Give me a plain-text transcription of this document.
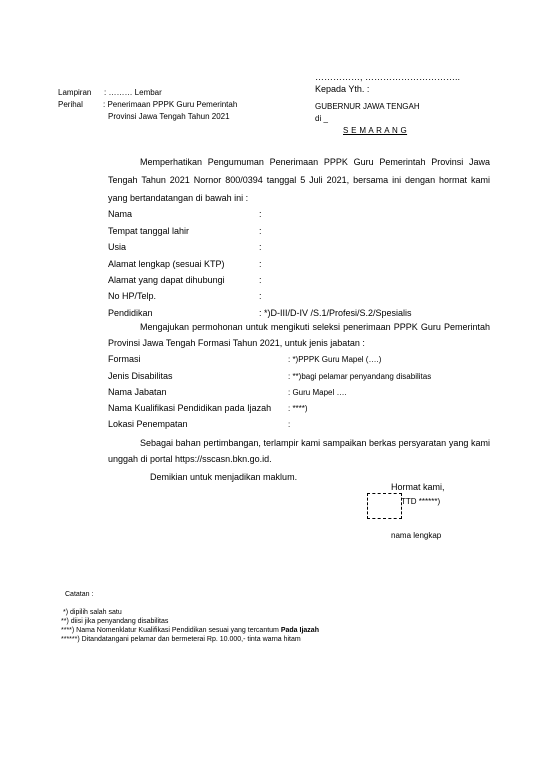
……………, …………………………..
Kepada Yth. :
Lampiran : ……… Lembar
Perihal	: Penerimaan PPPK Guru Pemerintah
Provinsi Jawa Tengah Tahun 2021
GUBERNUR JAWA TENGAH
di _
S E M A R A N G
Memperhatikan Pengumuman Penerimaan PPPK Guru Pemerintah Provinsi Jawa
Tengah Tahun 2021 Nornor 800/0394 tanggal 5 Juli 2021, bersama ini dengan hormat kami
yang bertandatangan di bawah ini :
Nama	:
Tempat tanggal lahir	:
Usia	:
Alamat lengkap (sesuai KTP)	:
Alamat yang dapat dihubungi	:
No HP/Telp.	:
Pendidikan	: *)D-III/D-IV /S.1/Profesi/S.2/Spesialis
Mengajukan permohonan untuk mengikuti seleksi penerimaan PPPK Guru Pemerintah
Provinsi Jawa Tengah Formasi Tahun 2021, untuk jenis jabatan :
Formasi	: *)PPPK Guru Mapel (….)
Jenis Disabilitas	: **)bagi pelamar penyandang disabilitas
Nama Jabatan	: Guru Mapel ….
Nama Kualifikasi Pendidikan pada Ijazah : ****)
Lokasi Penempatan	:
Sebagai bahan pertimbangan, terlampir kami sampaikan berkas persyaratan yang kami
unggah di portal https://sscasn.bkn.go.id.
Demikian untuk menjadikan maklum.
Hormat kami,
TTD ******)
nama lengkap
Catatan :
*) dipilih salah satu
**) diisi jika penyandang disabilitas
****) Nama Nomenklatur Kualifikasi Pendidikan sesuai yang tercantum Pada Ijazah
******) Ditandatangani pelamar dan bermeterai Rp. 10.000,- tinta warna hitam
